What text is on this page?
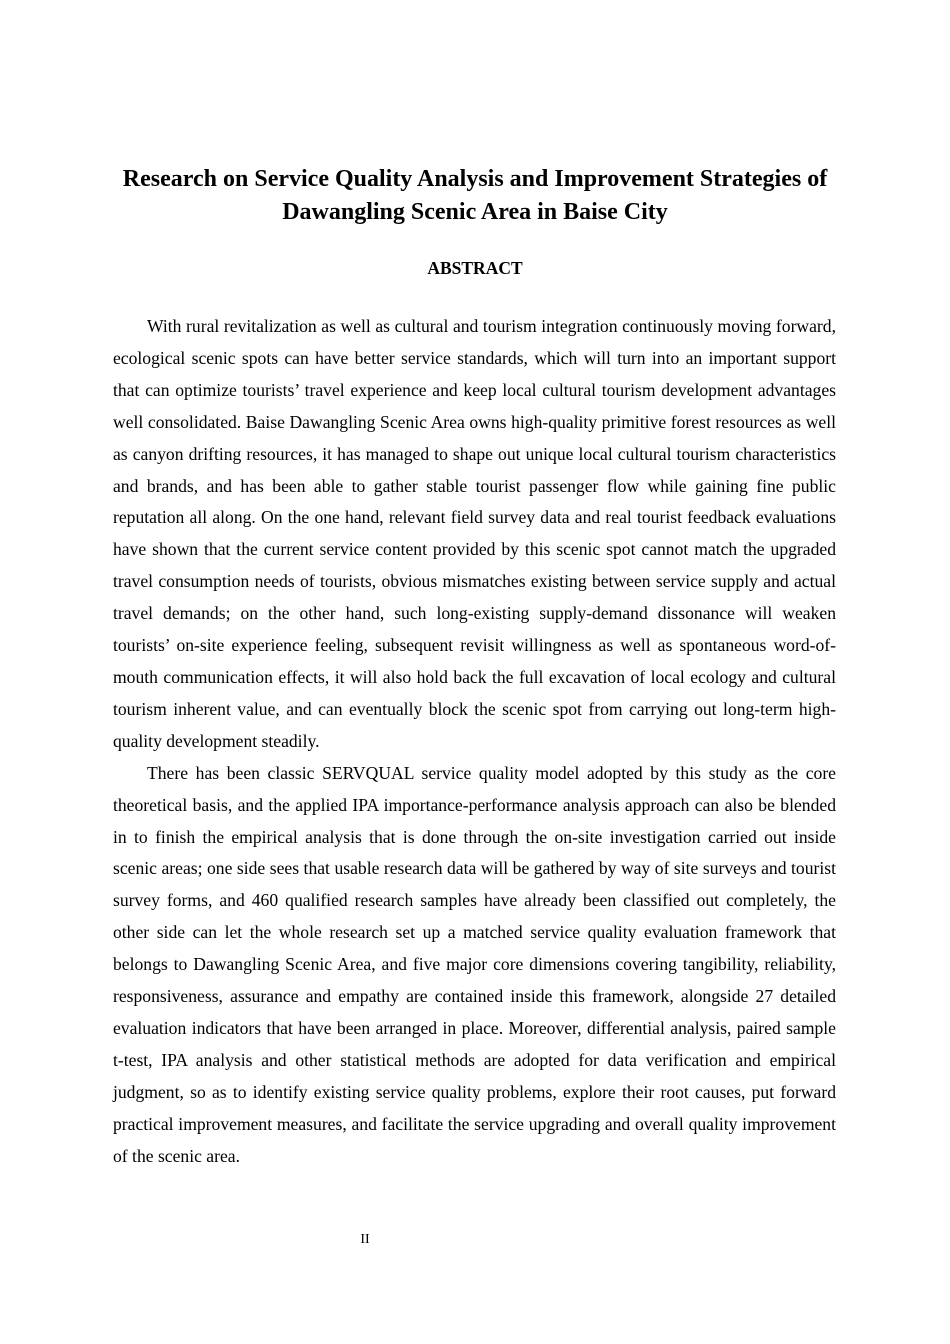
Research on Service Quality Analysis and Improvement Strategies of Dawangling Scenic Area in Baise City
ABSTRACT

With rural revitalization as well as cultural and tourism integration continuously moving forward, ecological scenic spots can have better service standards, which will turn into an important support that can optimize tourists’ travel experience and keep local cultural tourism development advantages well consolidated. Baise Dawangling Scenic Area owns high-quality primitive forest resources as well as canyon drifting resources, it has managed to shape out unique local cultural tourism characteristics and brands, and has been able to gather stable tourist passenger flow while gaining fine public reputation all along. On the one hand, relevant field survey data and real tourist feedback evaluations have shown that the current service content provided by this scenic spot cannot match the upgraded travel consumption needs of tourists, obvious mismatches existing between service supply and actual travel demands; on the other hand, such long-existing supply-demand dissonance will weaken tourists’ on-site experience feeling, subsequent revisit willingness as well as spontaneous word-of-mouth communication effects, it will also hold back the full excavation of local ecology and cultural tourism inherent value, and can eventually block the scenic spot from carrying out long-term high-quality development steadily.

There has been classic SERVQUAL service quality model adopted by this study as the core theoretical basis, and the applied IPA importance-performance analysis approach can also be blended in to finish the empirical analysis that is done through the on-site investigation carried out inside scenic areas; one side sees that usable research data will be gathered by way of site surveys and tourist survey forms, and 460 qualified research samples have already been classified out completely, the other side can let the whole research set up a matched service quality evaluation framework that belongs to Dawangling Scenic Area, and five major core dimensions covering tangibility, reliability, responsiveness, assurance and empathy are contained inside this framework, alongside 27 detailed evaluation indicators that have been arranged in place. Moreover, differential analysis, paired sample t-test, IPA analysis and other statistical methods are adopted for data verification and empirical judgment, so as to identify existing service quality problems, explore their root causes, put forward practical improvement measures, and facilitate the service upgrading and overall quality improvement of the scenic area.

II
